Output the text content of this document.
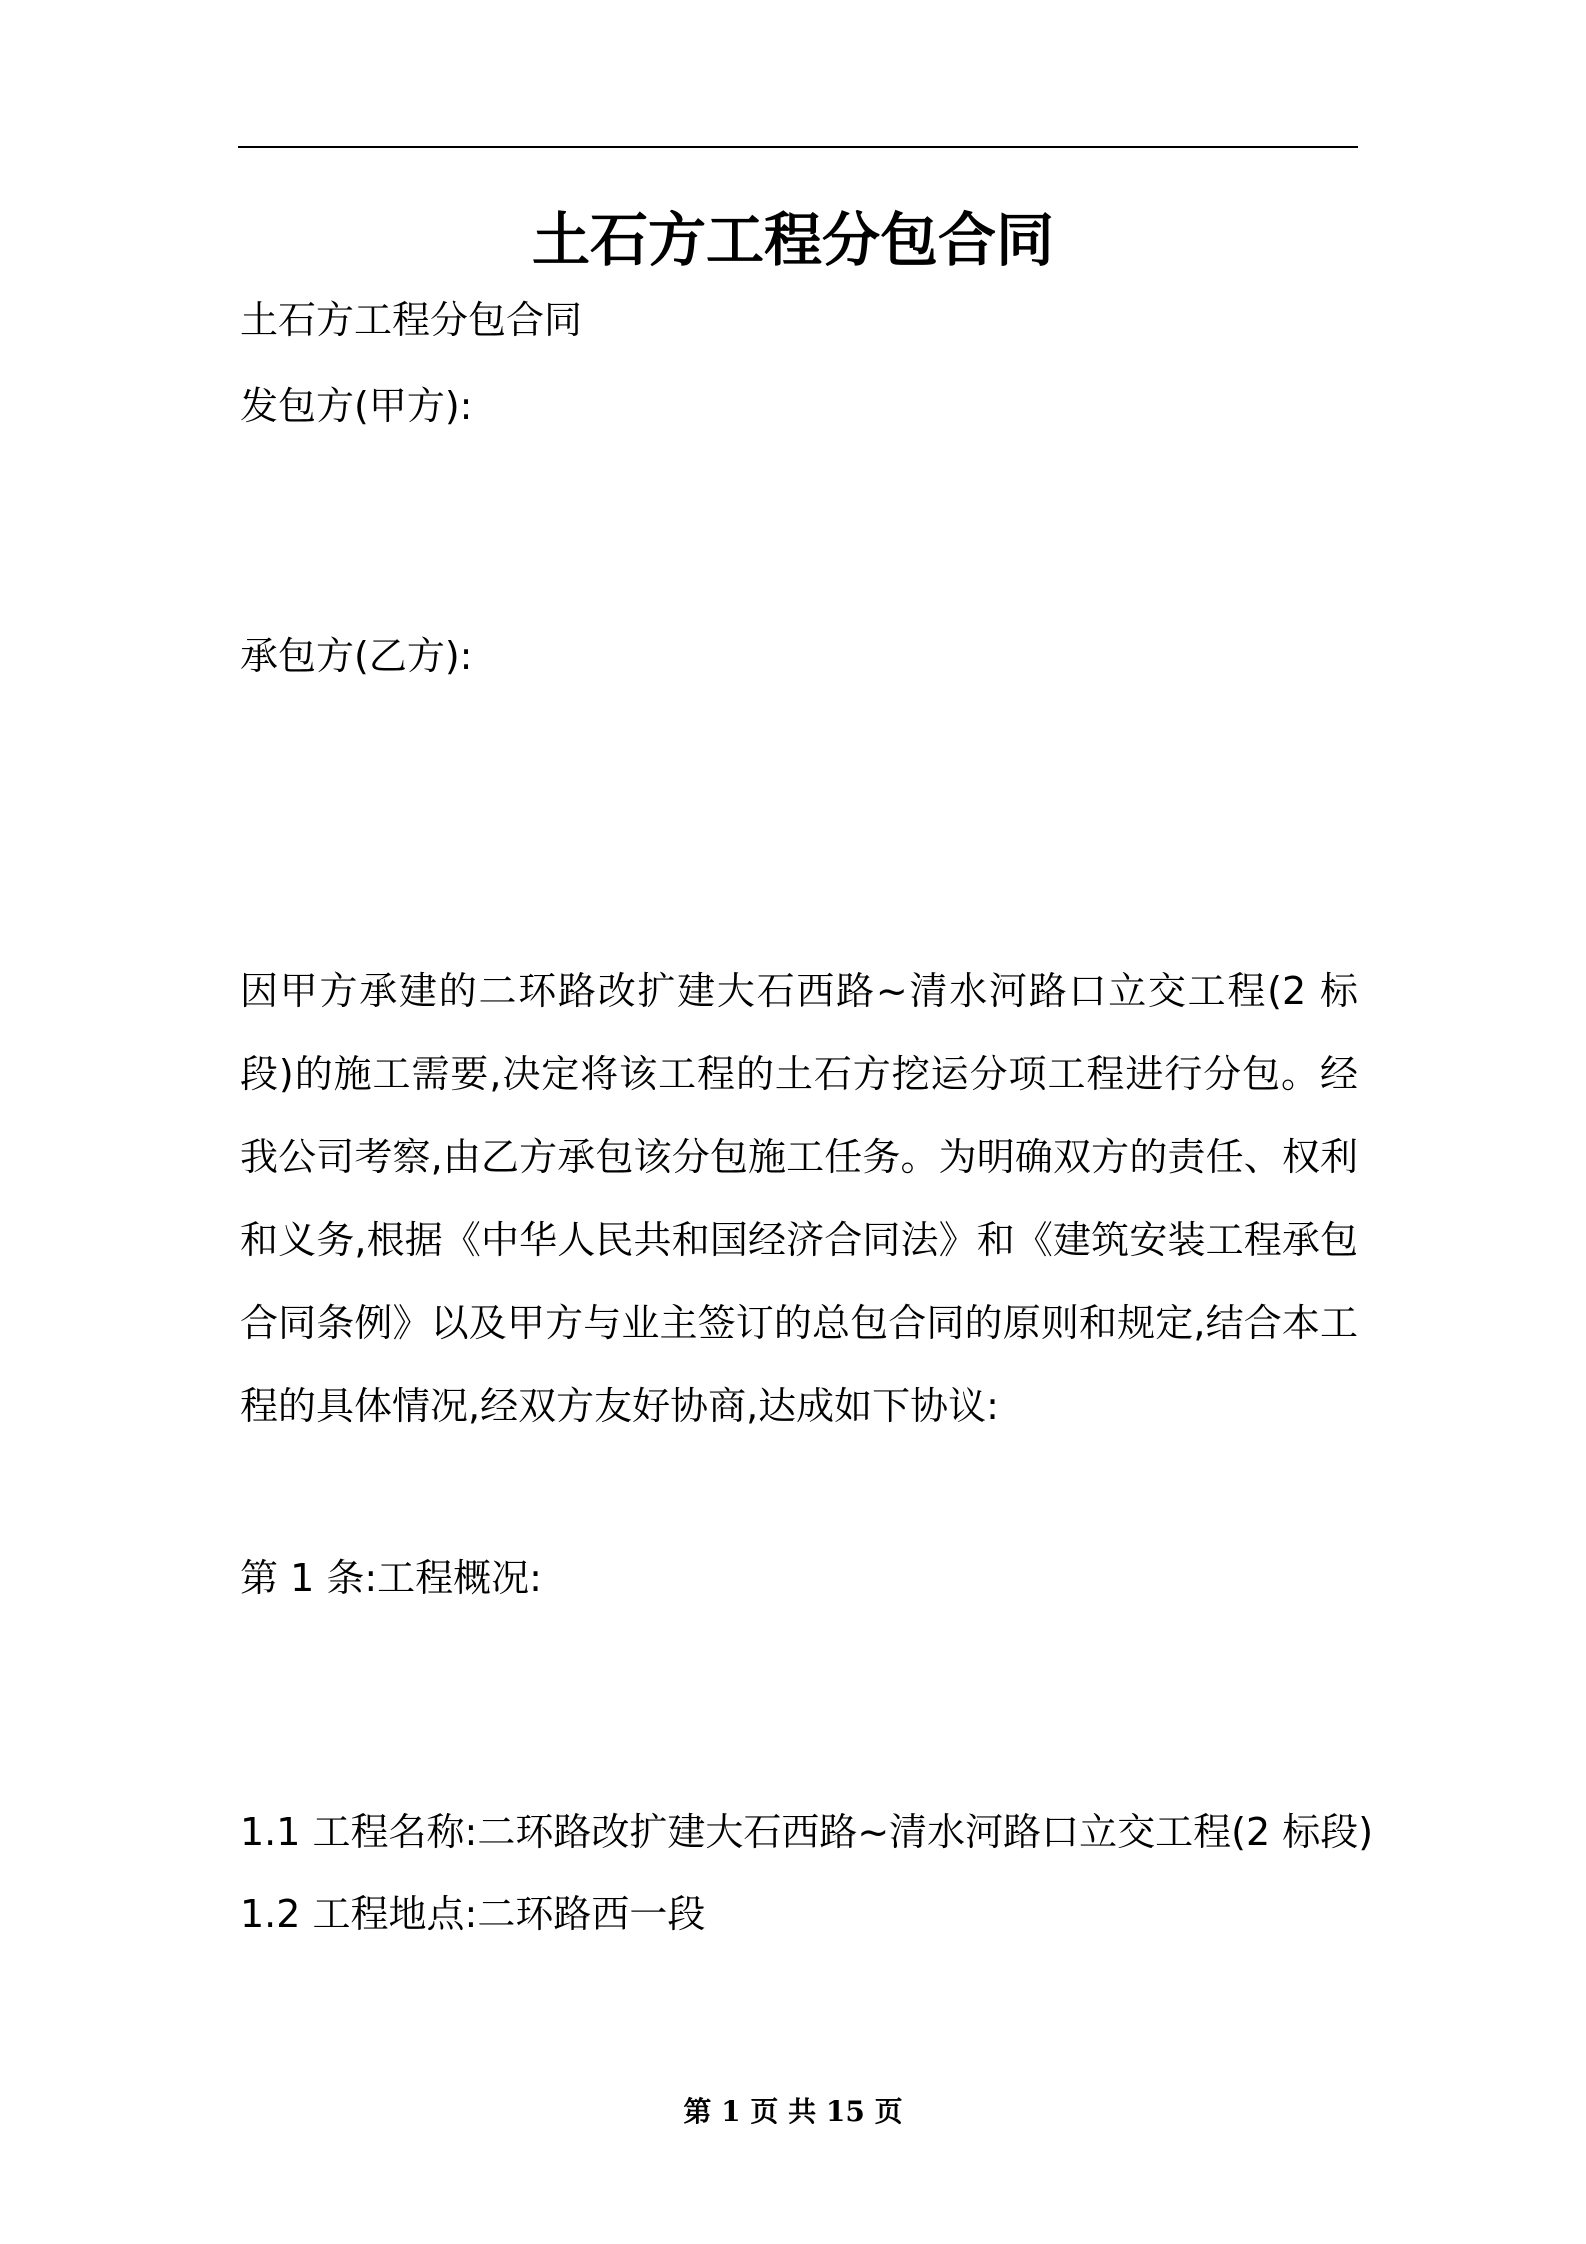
土石方工程分包合同
土石方工程分包合同
发包方(甲方):
承包方(乙方):
因甲方承建的二环路改扩建大石西路~清水河路口立交工程(2 标段)的施工需要,决定将该工程的土石方挖运分项工程进行分包。经我公司考察,由乙方承包该分包施工任务。为明确双方的责任、权利和义务,根据《中华人民共和国经济合同法》和《建筑安装工程承包合同条例》以及甲方与业主签订的总包合同的原则和规定,结合本工程的具体情况,经双方友好协商,达成如下协议:
第 1 条:工程概况:
1.1 工程名称:二环路改扩建大石西路~清水河路口立交工程(2 标段)
1.2 工程地点:二环路西一段
第 1 页 共 15 页
